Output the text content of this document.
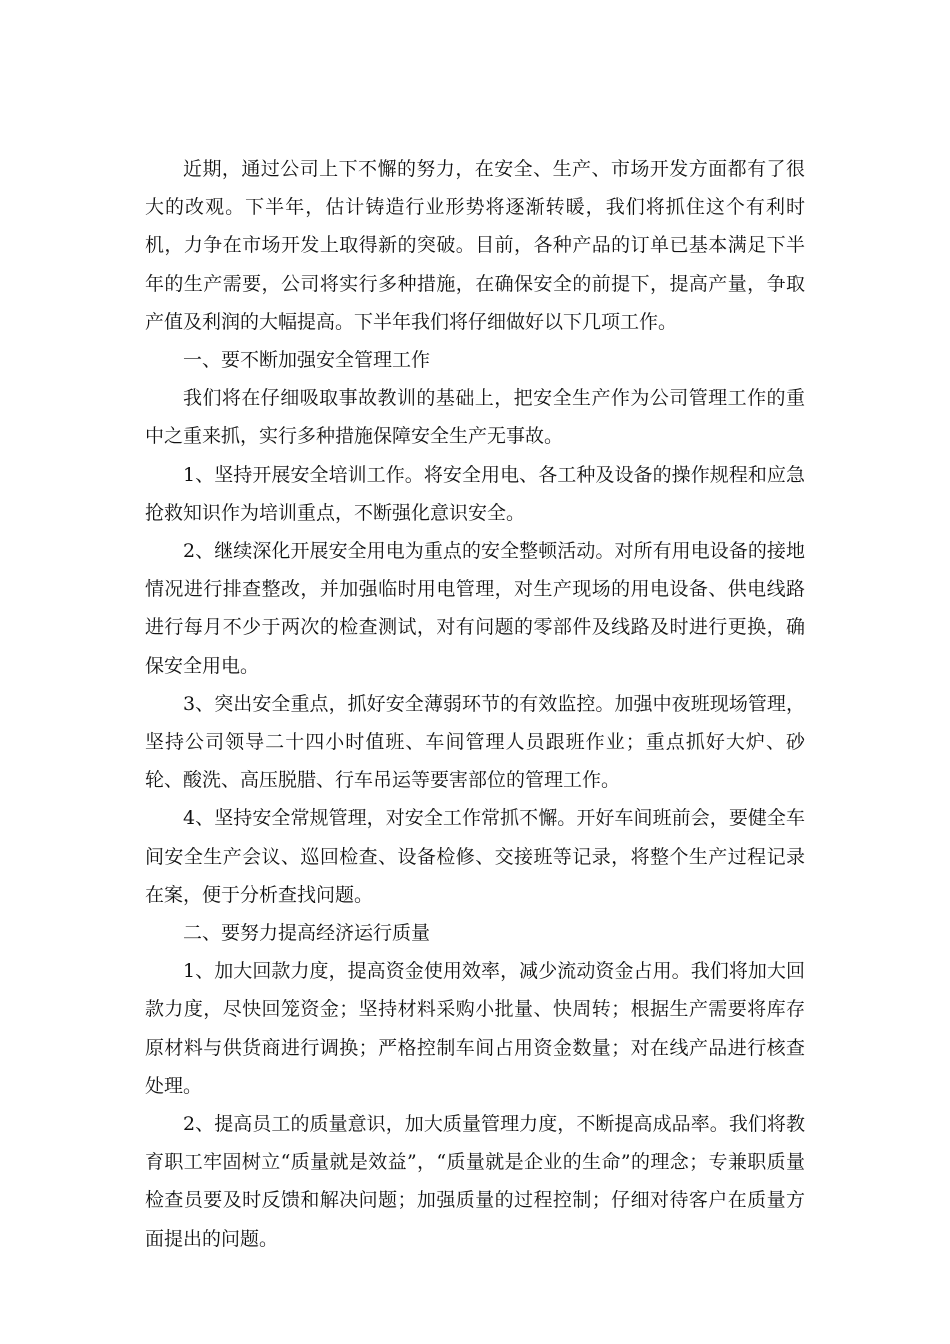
近期，通过公司上下不懈的努力，在安全、生产、市场开发方面都有了很大的改观。下半年，估计铸造行业形势将逐渐转暖，我们将抓住这个有利时机，力争在市场开发上取得新的突破。目前，各种产品的订单已基本满足下半年的生产需要，公司将实行多种措施，在确保安全的前提下，提高产量，争取产值及利润的大幅提高。下半年我们将仔细做好以下几项工作。

一、要不断加强安全管理工作

我们将在仔细吸取事故教训的基础上，把安全生产作为公司管理工作的重中之重来抓，实行多种措施保障安全生产无事故。

1、坚持开展安全培训工作。将安全用电、各工种及设备的操作规程和应急抢救知识作为培训重点，不断强化意识安全。

2、继续深化开展安全用电为重点的安全整顿活动。对所有用电设备的接地情况进行排查整改，并加强临时用电管理，对生产现场的用电设备、供电线路进行每月不少于两次的检查测试，对有问题的零部件及线路及时进行更换，确保安全用电。

3、突出安全重点，抓好安全薄弱环节的有效监控。加强中夜班现场管理，坚持公司领导二十四小时值班、车间管理人员跟班作业；重点抓好大炉、砂轮、酸洗、高压脱腊、行车吊运等要害部位的管理工作。

4、坚持安全常规管理，对安全工作常抓不懈。开好车间班前会，要健全车间安全生产会议、巡回检查、设备检修、交接班等记录，将整个生产过程记录在案，便于分析查找问题。

二、要努力提高经济运行质量

1、加大回款力度，提高资金使用效率，减少流动资金占用。我们将加大回款力度，尽快回笼资金；坚持材料采购小批量、快周转；根据生产需要将库存原材料与供货商进行调换；严格控制车间占用资金数量；对在线产品进行核查处理。

2、提高员工的质量意识，加大质量管理力度，不断提高成品率。我们将教育职工牢固树立“质量就是效益”，“质量就是企业的生命”的理念；专兼职质量检查员要及时反馈和解决问题；加强质量的过程控制；仔细对待客户在质量方面提出的问题。
